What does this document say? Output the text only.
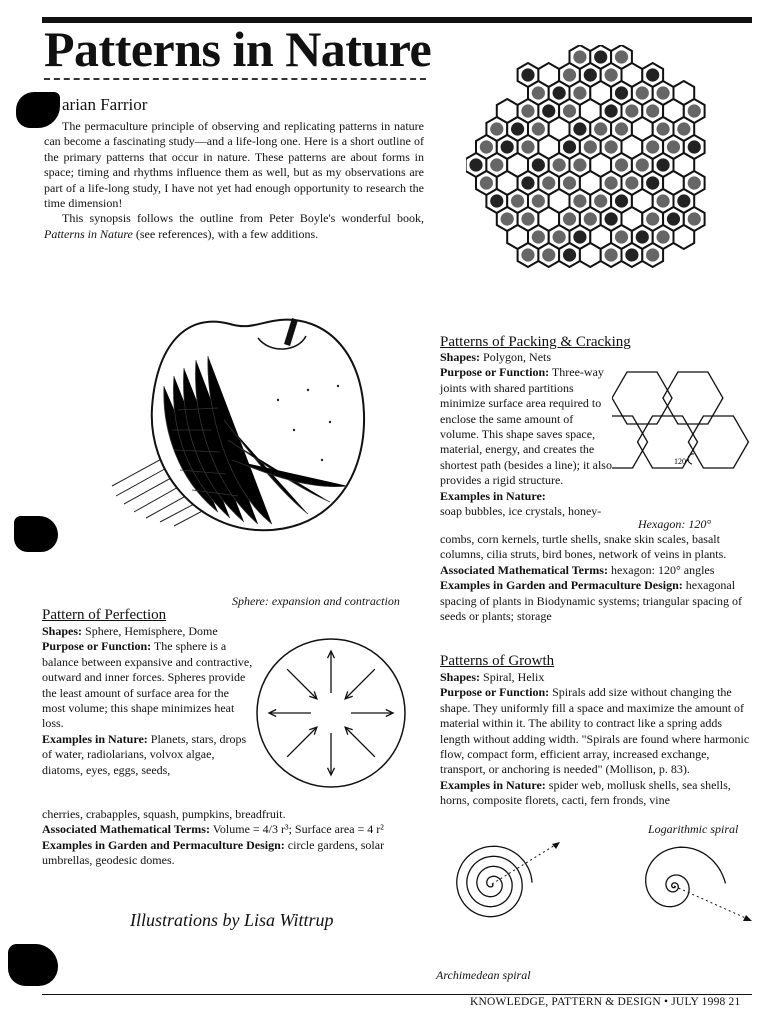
Patterns in Nature
arian Farrior

The permaculture principle of observing and replicating patterns in nature can become a fascinating study—and a life-long one. Here is a short outline of the primary patterns that occur in nature. These patterns are about forms in space; timing and rhythms influence them as well, but as my observations are part of a life-long study, I have not yet had enough opportunity to research the time dimension!

This synopsis follows the outline from Peter Boyle's wonderful book, Patterns in Nature (see references), with a few additions.

Sphere: expansion and contraction
Pattern of Perfection
Shapes: Sphere, Hemisphere, Dome
Purpose or Function: The sphere is a balance between expansive and contractive, outward and inner forces. Spheres provide the least amount of surface area for the most volume; this shape minimizes heat loss.
Examples in Nature: Planets, stars, drops of water, radiolarians, volvox algae, diatoms, eyes, eggs, seeds,
cherries, crabapples, squash, pumpkins, breadfruit.
Associated Mathematical Terms: Volume = 4/3 r³; Surface area = 4 r²
Examples in Garden and Permaculture Design: circle gardens, solar umbrellas, geodesic domes.
Patterns of Packing & Cracking
Shapes: Polygon, Nets
Purpose or Function: Three-way joints with shared partitions minimize surface area required to enclose the same amount of volume. This shape saves space, material, energy, and creates the shortest path (besides a line); it also provides a rigid structure.
Examples in Nature:
soap bubbles, ice crystals, honey-
combs, corn kernels, turtle shells, snake skin scales, basalt columns, cilia struts, bird bones, network of veins in plants.
Associated Mathematical Terms: hexagon: 120° angles
Examples in Garden and Permaculture Design: hexagonal spacing of plants in Biodynamic systems; triangular spacing of seeds or plants; storage
120°
Hexagon: 120°
Patterns of Growth
Shapes: Spiral, Helix
Purpose or Function: Spirals add size without changing the shape. They uniformly fill a space and maximize the amount of material within it. The ability to contract like a spring adds length without adding width. "Spirals are found where harmonic flow, compact form, efficient array, increased exchange, transport, or anchoring is needed" (Mollison, p. 83).
Examples in Nature: spider web, mollusk shells, sea shells, horns, composite florets, cacti, fern fronds, vine
Logarithmic spiral
Archimedean spiral
Illustrations by Lisa Wittrup
KNOWLEDGE, PATTERN & DESIGN • JULY 1998 21
